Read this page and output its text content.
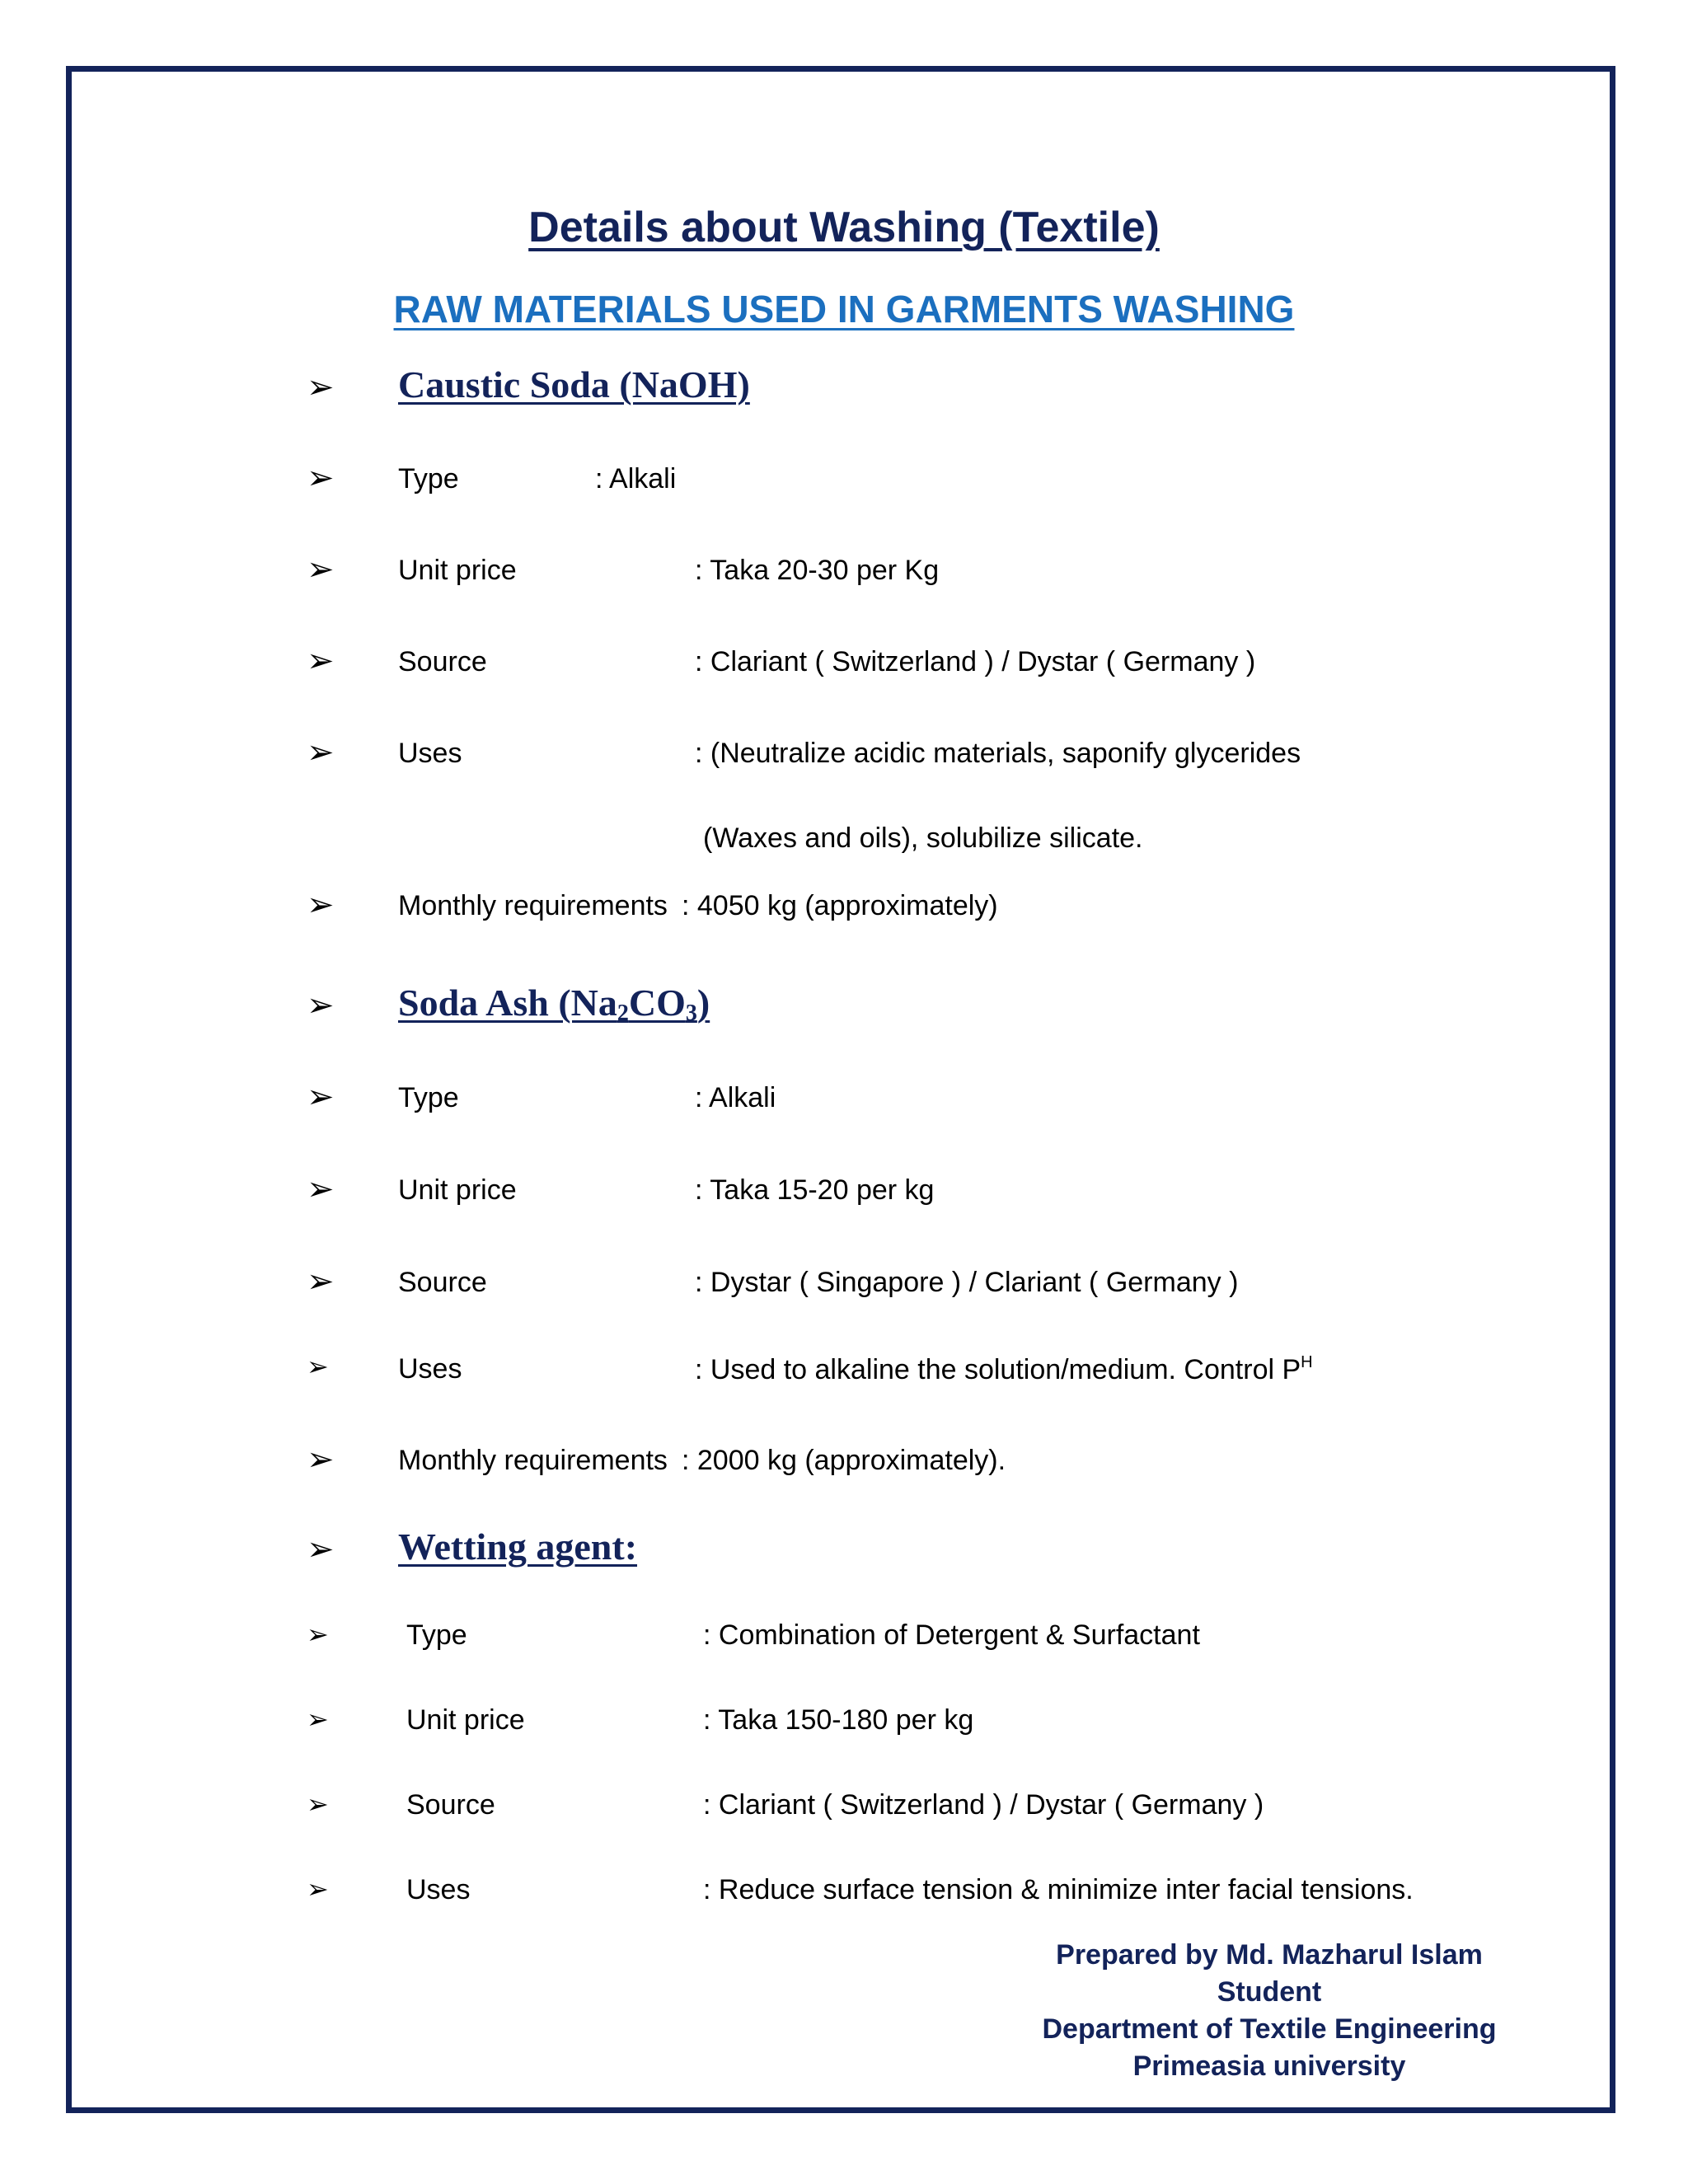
Details about Washing (Textile)
RAW MATERIALS USED IN GARMENTS WASHING
➢ Caustic Soda (NaOH)
➢ Type	: Alkali
➢ Unit price	: Taka 20-30 per Kg
➢ Source	: Clariant ( Switzerland ) / Dystar ( Germany )
➢ Uses	: (Neutralize acidic materials, saponify glycerides
(Waxes and oils), solubilize silicate.
➢ Monthly requirements : 4050 kg (approximately)
➢ Soda Ash $(Na_2CO_3)$
➢ Type	: Alkali
➢ Unit price	: Taka 15-20 per kg
➢ Source	: Dystar ( Singapore ) / Clariant ( Germany )
➢ Uses	: Used to alkaline the solution/medium. Control $P^H$
➢ Monthly requirements : 2000 kg (approximately).
➢ Wetting agent:
➢	Type	: Combination of Detergent & Surfactant
➢	Unit price	: Taka 150-180 per kg
➢	Source	: Clariant ( Switzerland ) / Dystar ( Germany )
➢	Uses	: Reduce surface tension & minimize inter facial tensions.
Prepared by Md. Mazharul Islam
Student
Department of Textile Engineering
Primeasia university
